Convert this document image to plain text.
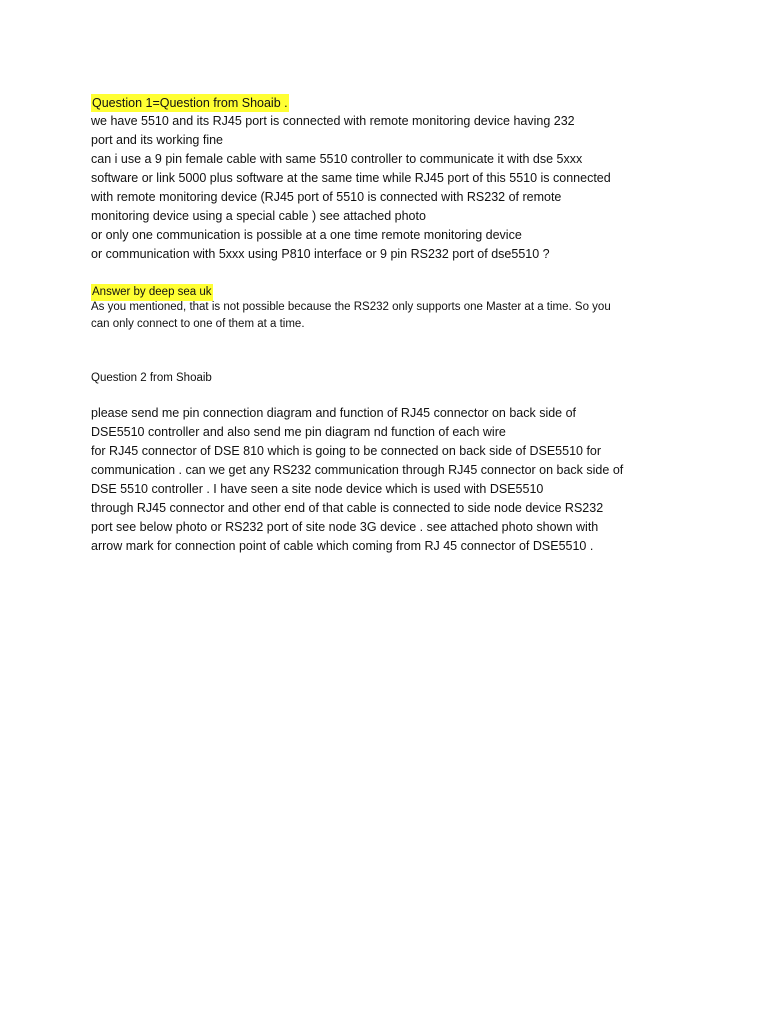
Question 1=Question from Shoaib .
we have 5510 and its RJ45 port is connected with remote monitoring device having 232
port and its working fine
can i use a 9 pin female cable with same 5510 controller to communicate it with dse 5xxx
software or link 5000 plus software at the same time while RJ45 port of this 5510 is connected
with remote monitoring device (RJ45 port of 5510 is connected with RS232 of remote
monitoring device using a special cable ) see attached photo
or only one communication is possible at a one time remote monitoring device
or communication with 5xxx using P810 interface or 9 pin RS232 port of dse5510 ?
Answer by deep sea uk
As you mentioned, that is not possible because the RS232 only supports one Master at a time. So you
can only connect to one of them at a time.
Question 2 from Shoaib
please send me pin connection diagram and function of RJ45 connector on back side of
DSE5510 controller and also send me pin diagram nd function of each wire
for RJ45 connector of DSE 810 which is going to be connected on back side of DSE5510 for
communication . can we get any RS232 communication through RJ45 connector on back side of
DSE 5510 controller . I have seen a site node device which is used with DSE5510
through RJ45 connector and other end of that cable is connected to side node device RS232
port see below photo or RS232 port of site node 3G device . see attached photo shown with
arrow mark for connection point of cable which coming from RJ 45 connector of DSE5510 .
